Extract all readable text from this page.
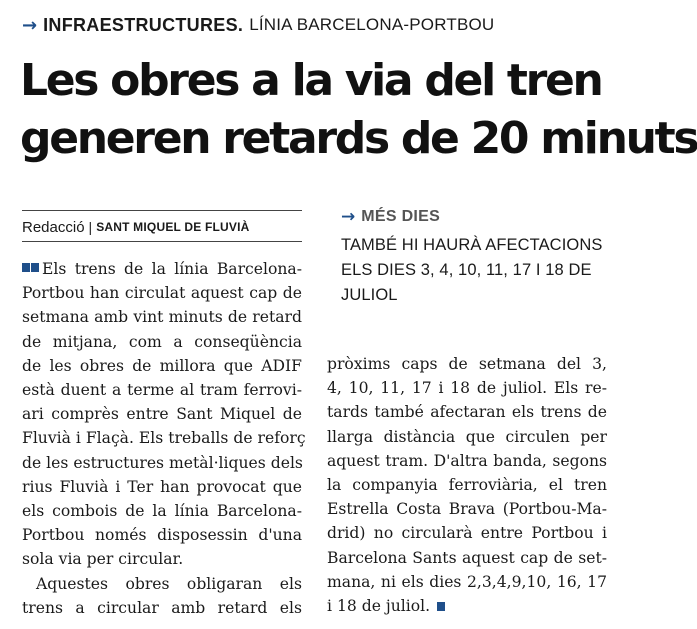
→ INFRAESTRUCTURES. LÍNIA BARCELONA-PORTBOU
Les obres a la via del tren
generen retards de 20 minuts
Redacció | SANT MIQUEL DE FLUVIÀ	→ MÉS DIES
TAMBÉ HI HAURÀ AFECTACIONS
ELS DIES 3, 4, 10, 11, 17 I 18 DE
JULIOL
Els trens de la línia Barcelona-
Portbou han circulat aquest cap de
setmana amb vint minuts de retard
de mitjana, com a conseqüència
de les obres de millora que ADIF
està duent a terme al tram ferrovi-
ari comprès entre Sant Miquel de
Fluvià i Flaçà. Els treballs de reforç
de les estructures metàl·liques dels
rius Fluvià i Ter han provocat que
els combois de la línia Barcelona-
Portbou només disposessin d'una
sola via per circular.
Aquestes obres obligaran els
trens a circular amb retard els
pròxims caps de setmana del 3,
4, 10, 11, 17 i 18 de juliol. Els re-
tards també afectaran els trens de
llarga distància que circulen per
aquest tram. D'altra banda, segons
la companyia ferroviària, el tren
Estrella Costa Brava (Portbou-Ma-
drid) no circularà entre Portbou i
Barcelona Sants aquest cap de set-
mana, ni els dies 2,3,4,9,10, 16, 17
i 18 de juliol.
